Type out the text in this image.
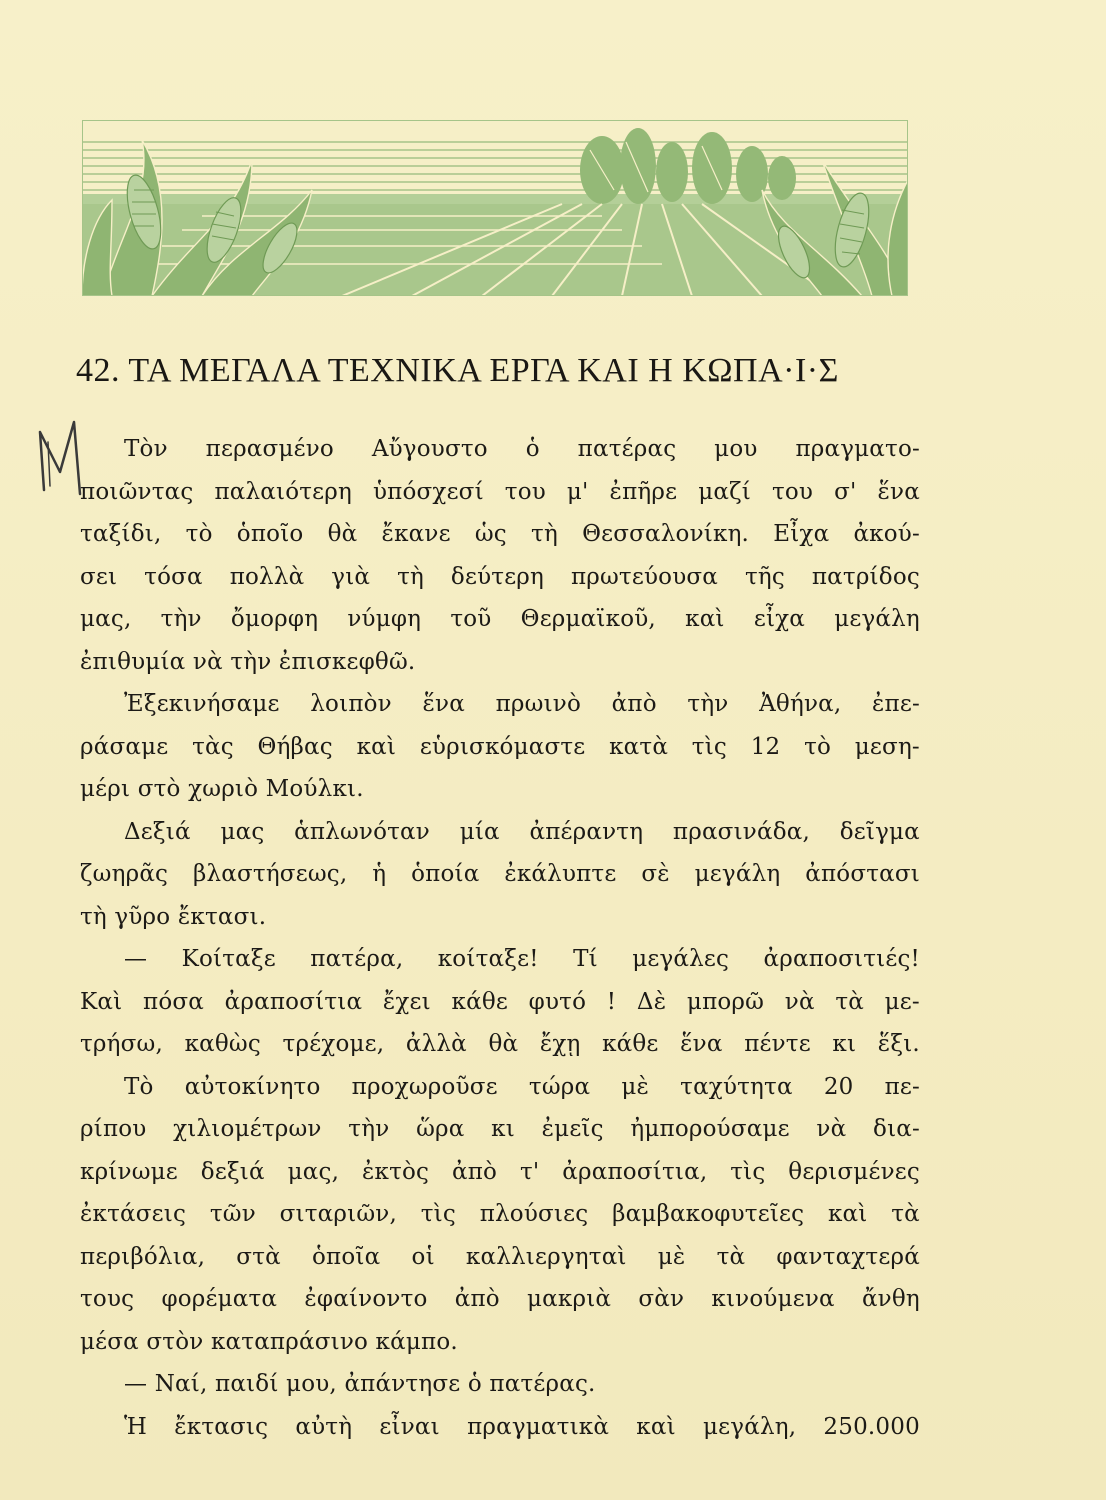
42. ΤΑ ΜΕΓΑΛΑ ΤΕΧΝΙΚΑ ΕΡΓΑ ΚΑΙ Η ΚΩΠΑ·Ι·Σ
Τὸν περασμένο Αὔγουστο ὁ πατέρας μου πραγματο-
ποιῶντας παλαιότερη ὑπόσχεσί του μ' ἐπῆρε μαζί του σ' ἕνα
ταξίδι, τὸ ὁποῖο θὰ ἔκανε ὡς τὴ Θεσσαλονίκη. Εἶχα ἀκού-
σει τόσα πολλὰ γιὰ τὴ δεύτερη πρωτεύουσα τῆς πατρίδος
μας, τὴν ὄμορφη νύμφη τοῦ Θερμαϊκοῦ, καὶ εἶχα μεγάλη
ἐπιθυμία νὰ τὴν ἐπισκεφθῶ.
Ἐξεκινήσαμε λοιπὸν ἕνα πρωινὸ ἀπὸ τὴν Ἀθήνα, ἐπε-
ράσαμε τὰς Θήβας καὶ εὑρισκόμαστε κατὰ τὶς 12 τὸ μεση-
μέρι στὸ χωριὸ Μούλκι.
Δεξιά μας ἁπλωνόταν μία ἀπέραντη πρασινάδα, δεῖγμα
ζωηρᾶς βλαστήσεως, ἡ ὁποία ἐκάλυπτε σὲ μεγάλη ἀπόστασι
τὴ γῦρο ἔκτασι.
— Κοίταξε πατέρα, κοίταξε! Τί μεγάλες ἀραποσιτιές!
Καὶ πόσα ἀραποσίτια ἔχει κάθε φυτό ! Δὲ μπορῶ νὰ τὰ με-
τρήσω, καθὼς τρέχομε, ἀλλὰ θὰ ἔχῃ κάθε ἕνα πέντε κι ἕξι.
Τὸ αὐτοκίνητο προχωροῦσε τώρα μὲ ταχύτητα 20 πε-
ρίπου χιλιομέτρων τὴν ὥρα κι ἐμεῖς ἠμπορούσαμε νὰ δια-
κρίνωμε δεξιά μας, ἐκτὸς ἀπὸ τ' ἀραποσίτια, τὶς θερισμένες
ἐκτάσεις τῶν σιταριῶν, τὶς πλούσιες βαμβακοφυτεῖες καὶ τὰ
περιβόλια, στὰ ὁποῖα οἱ καλλιεργηταὶ μὲ τὰ φανταχτερά
τους φορέματα ἐφαίνοντο ἀπὸ μακριὰ σὰν κινούμενα ἄνθη
μέσα στὸν καταπράσινο κάμπο.
— Ναί, παιδί μου, ἀπάντησε ὁ πατέρας.
Ἡ ἔκτασις αὐτὴ εἶναι πραγματικὰ καὶ μεγάλη, 250.000
